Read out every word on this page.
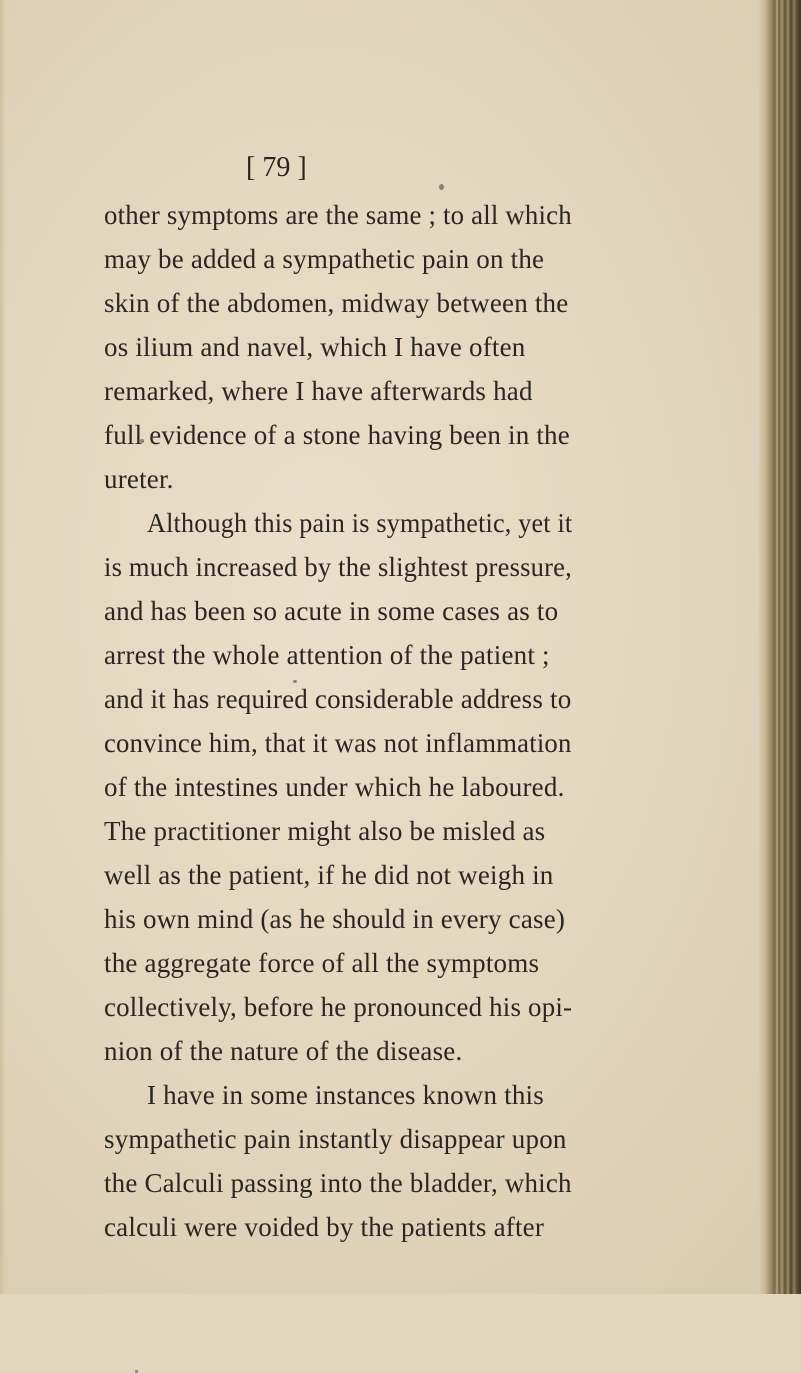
[ 79 ]

other symptoms are the same ; to all which

may be added a sympathetic pain on the

skin of the abdomen, midway between the

os ilium and navel, which I have often

remarked, where I have afterwards had

full evidence of a stone having been in the

ureter.

Although this pain is sympathetic, yet it

is much increased by the slightest pressure,

and has been so acute in some cases as to

arrest the whole attention of the patient ;

and it has required considerable address to

convince him, that it was not inflammation

of the intestines under which he laboured.

The practitioner might also be misled as

well as the patient, if he did not weigh in

his own mind (as he should in every case)

the aggregate force of all the symptoms

collectively, before he pronounced his opi-

nion of the nature of the disease.

I have in some instances known this

sympathetic pain instantly disappear upon

the Calculi passing into the bladder, which

calculi were voided by the patients after
